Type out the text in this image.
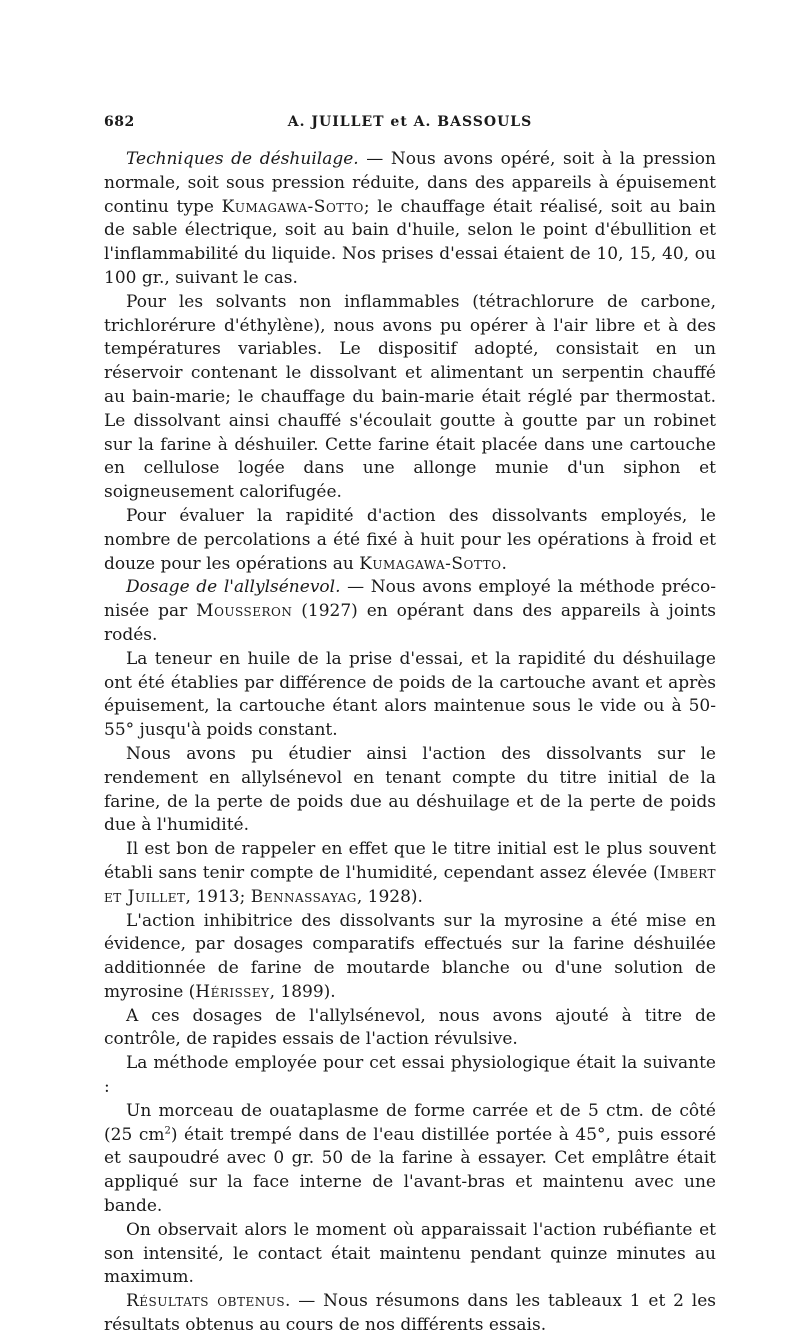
682	A. JUILLET et A. BASSOULS

Techniques de déshuilage. — Nous avons opéré, soit à la pression normale, soit sous pression réduite, dans des appareils à épuisement continu type Kumagawa-Sotto; le chauffage était réalisé, soit au bain de sable électrique, soit au bain d'huile, selon le point d'ébullition et l'inflammabilité du liquide. Nos prises d'essai étaient de 10, 15, 40, ou 100 gr., suivant le cas.

Pour les solvants non inflammables (tétrachlorure de carbone, trichlorérure d'éthylène), nous avons pu opérer à l'air libre et à des températures variables. Le dispositif adopté, consistait en un réservoir contenant le dissolvant et alimentant un serpentin chauffé au bain-marie; le chauffage du bain-marie était réglé par thermostat. Le dissolvant ainsi chauffé s'écoulait goutte à goutte par un robinet sur la farine à déshuiler. Cette farine était placée dans une cartouche en cellulose logée dans une allonge munie d'un siphon et soigneusement calorifugée.

Pour évaluer la rapidité d'action des dissolvants employés, le nombre de percolations a été fixé à huit pour les opérations à froid et douze pour les opérations au Kumagawa-Sotto.

Dosage de l'allylsénevol. — Nous avons employé la méthode préconisée par Mousseron (1927) en opérant dans des appareils à joints rodés.

La teneur en huile de la prise d'essai, et la rapidité du déshuilage ont été établies par différence de poids de la cartouche avant et après épuisement, la cartouche étant alors maintenue sous le vide ou à 50-55° jusqu'à poids constant.

Nous avons pu étudier ainsi l'action des dissolvants sur le rendement en allylsénevol en tenant compte du titre initial de la farine, de la perte de poids due au déshuilage et de la perte de poids due à l'humidité.

Il est bon de rappeler en effet que le titre initial est le plus souvent établi sans tenir compte de l'humidité, cependant assez élevée (Imbert et Juillet, 1913; Bennassayag, 1928).

L'action inhibitrice des dissolvants sur la myrosine a été mise en évidence, par dosages comparatifs effectués sur la farine déshuilée additionnée de farine de moutarde blanche ou d'une solution de myrosine (Hérissey, 1899).

A ces dosages de l'allylsénevol, nous avons ajouté à titre de contrôle, de rapides essais de l'action révulsive.

La méthode employée pour cet essai physiologique était la suivante :

Un morceau de ouataplasme de forme carrée et de 5 ctm. de côté (25 $cm^2$) était trempé dans de l'eau distillée portée à 45°, puis essoré et saupoudré avec 0 gr. 50 de la farine à essayer. Cet emplâtre était appliqué sur la face interne de l'avant-bras et maintenu avec une bande.

On observait alors le moment où apparaissait l'action rubéfiante et son intensité, le contact était maintenu pendant quinze minutes au maximum.

Résultats obtenus. — Nous résumons dans les tableaux 1 et 2 les résultats obtenus au cours de nos différents essais.
